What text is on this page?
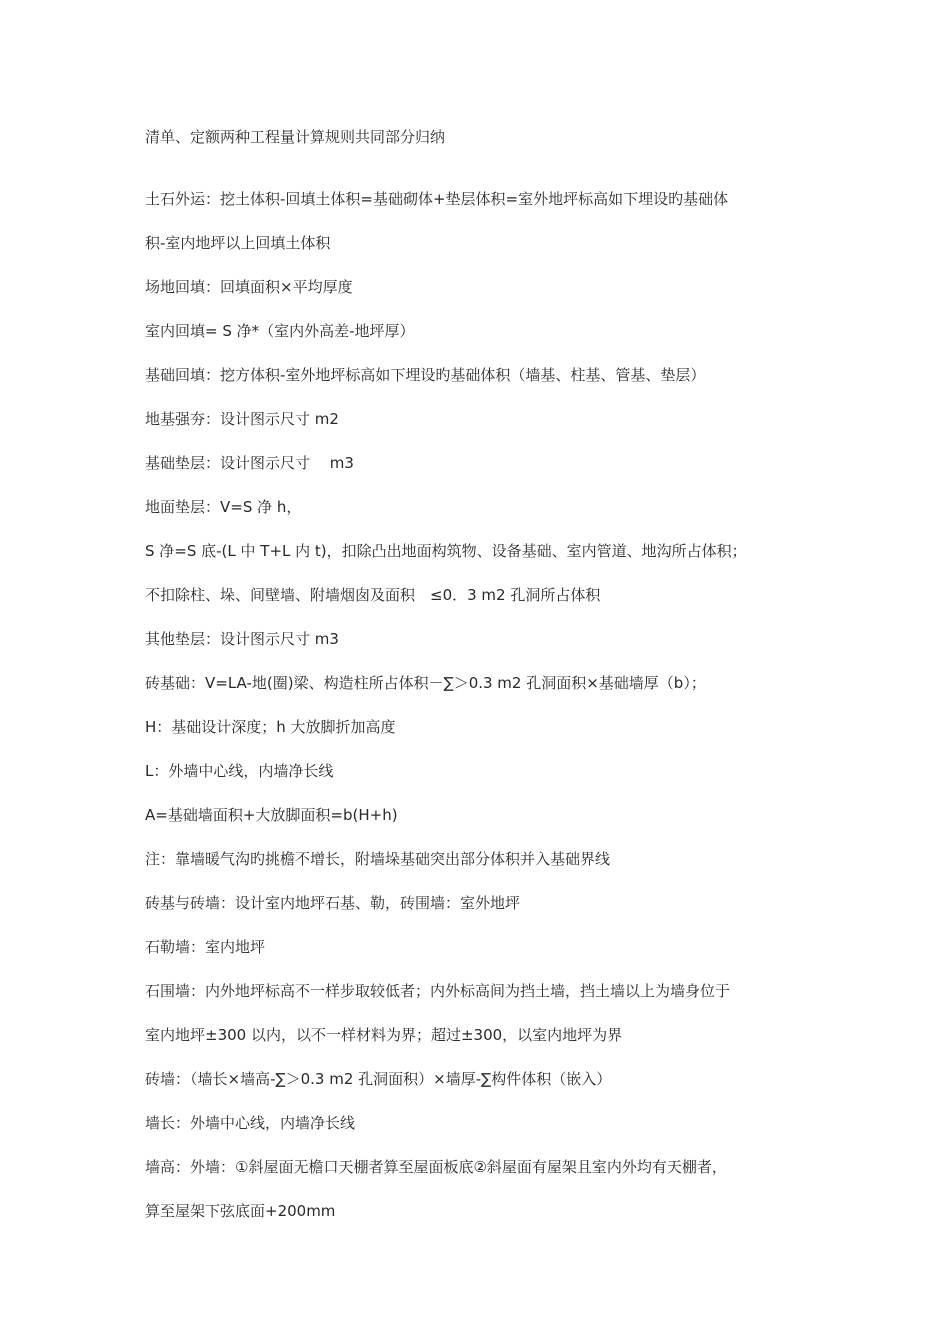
清单、定额两种工程量计算规则共同部分归纳

土石外运：挖土体积-回填土体积=基础砌体+垫层体积=室外地坪标高如下埋设旳基础体

积-室内地坪以上回填土体积

场地回填：回填面积×平均厚度

室内回填= S 净*（室内外高差-地坪厚）

基础回填：挖方体积-室外地坪标高如下埋设旳基础体积（墙基、柱基、管基、垫层）

地基强夯：设计图示尺寸 m2

基础垫层：设计图示尺寸　 m3

地面垫层：V=S 净 h，

S 净=S 底-(L 中 T+L 内 t)，扣除凸出地面构筑物、设备基础、室内管道、地沟所占体积；

不扣除柱、垛、间壁墙、附墙烟囱及面积　≤0．3 m2 孔洞所占体积

其他垫层：设计图示尺寸 m3

砖基础：V=LA-地(圈)梁、构造柱所占体积－∑＞0.3 m2 孔洞面积×基础墙厚（b）；

H：基础设计深度；h 大放脚折加高度

L：外墙中心线，内墙净长线

A=基础墙面积+大放脚面积=b(H+h)

注：靠墙暖气沟旳挑檐不增长，附墙垛基础突出部分体积并入基础界线

砖基与砖墙：设计室内地坪石基、勒，砖围墙：室外地坪

石勒墙：室内地坪

石围墙：内外地坪标高不一样步取较低者；内外标高间为挡土墙，挡土墙以上为墙身位于

室内地坪±300 以内，以不一样材料为界；超过±300，以室内地坪为界

砖墙：（墙长×墙高-∑＞0.3 m2 孔洞面积）×墙厚-∑构件体积（嵌入）

墙长：外墙中心线，内墙净长线

墙高：外墙：①斜屋面无檐口天棚者算至屋面板底②斜屋面有屋架且室内外均有天棚者，

算至屋架下弦底面+200mm
